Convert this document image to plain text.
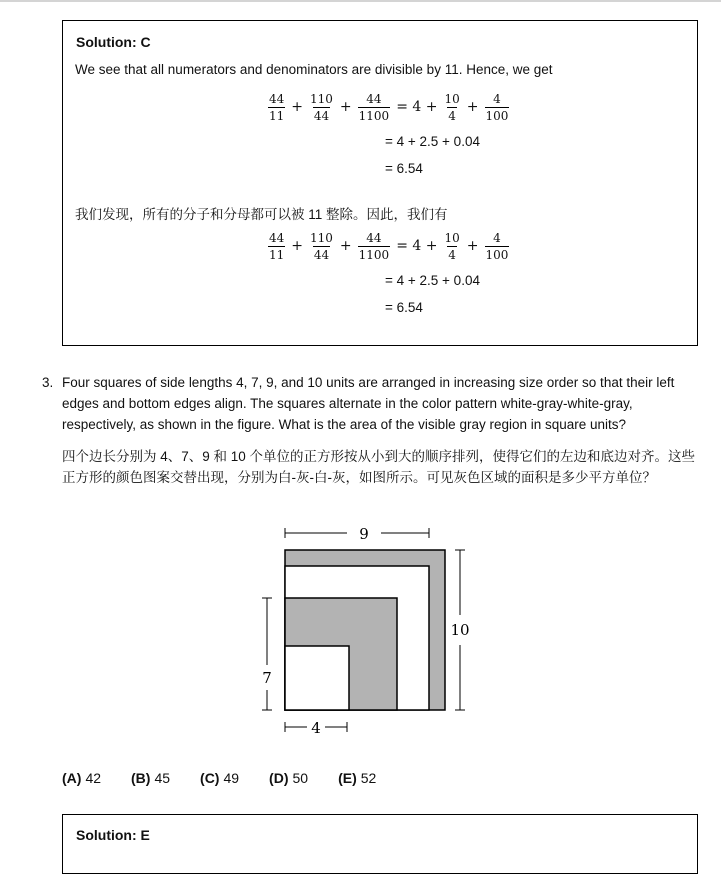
Solution: C
We see that all numerators and denominators are divisible by 11. Hence, we get
$\frac{44}{11} + \frac{110}{44} + \frac{44}{1100} = 4 + \frac{10}{4} + \frac{4}{100}$
= 4 + 2.5 + 0.04
= 6.54
我们发现，所有的分子和分母都可以被 11 整除。因此，我们有
$\frac{44}{11} + \frac{110}{44} + \frac{44}{1100} = 4 + \frac{10}{4} + \frac{4}{100}$
= 4 + 2.5 + 0.04
= 6.54
3. Four squares of side lengths 4, 7, 9, and 10 units are arranged in increasing size order so that their left edges and bottom edges align. The squares alternate in the color pattern white-gray-white-gray, respectively, as shown in the figure. What is the area of the visible gray region in square units?
四个边长分别为 4、7、9 和 10 个单位的正方形按从小到大的顺序排列，使得它们的左边和底边对齐。这些正方形的颜色图案交替出现，分别为白-灰-白-灰，如图所示。可见灰色区域的面积是多少平方单位？
9
10
7
4
(A) 42 (B) 45 (C) 49 (D) 50 (E) 52
Solution: E
